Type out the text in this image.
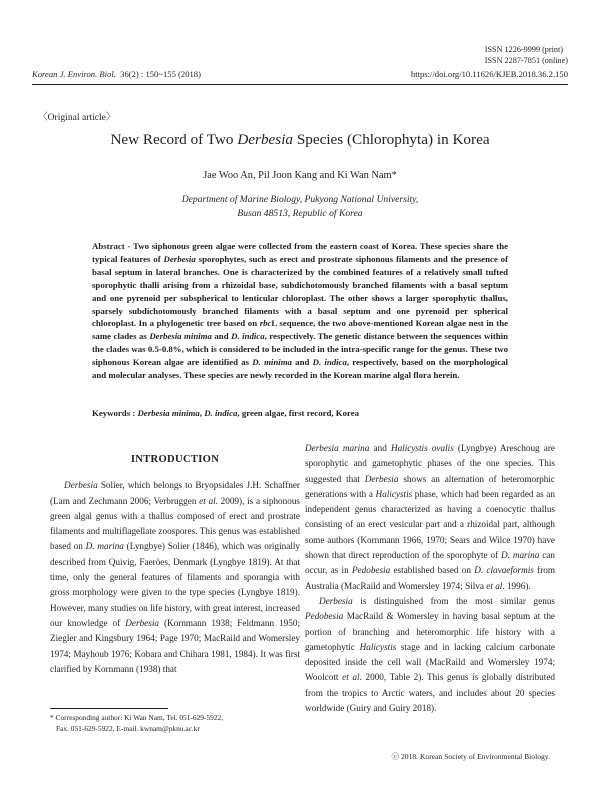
ISSN 1226-9999 (print)
ISSN 2287-7851 (online)
Korean J. Environ. Biol. 36(2) : 150~155 (2018)	https://doi.org/10.11626/KJEB.2018.36.2.150
〈Original article〉
New Record of Two Derbesia Species (Chlorophyta) in Korea
Jae Woo An, Pil Joon Kang and Ki Wan Nam*
Department of Marine Biology, Pukyong National University,
Busan 48513, Republic of Korea
Abstract - Two siphonous green algae were collected from the eastern coast of Korea. These species share the typical features of Derbesia sporophytes, such as erect and prostrate siphonous filaments and the presence of basal septum in lateral branches. One is characterized by the combined features of a relatively small tufted sporophytic thalli arising from a rhizoidal base, subdichotomously branched filaments with a basal septum and one pyrenoid per subspherical to lenticular chloroplast. The other shows a larger sporophytic thallus, sparsely subdichotomously branched filaments with a basal septum and one pyrenoid per spherical chloroplast. In a phylogenetic tree based on rbcL sequence, the two above-mentioned Korean algae nest in the same clades as Derbesia minima and D. indica, respectively. The genetic distance between the sequences within the clades was 0.5-0.8%, which is considered to be included in the intra-specific range for the genus. These two siphonous Korean algae are identified as D. minima and D. indica, respectively, based on the morphological and molecular analyses. These species are newly recorded in the Korean marine algal flora herein.
Keywords : Derbesia minima, D. indica, green algae, first record, Korea
INTRODUCTION

Derbesia Solier, which belongs to Bryopsidales J.H. Schaffner (Lam and Zechmann 2006; Verbruggen et al. 2009), is a siphonous green algal genus with a thallus composed of erect and prostrate filaments and multiflagellate zoospores. This genus was established based on D. marina (Lyngbye) Solier (1846), which was originally described from Quivig, Faeröes, Denmark (Lyngbye 1819). At that time, only the general features of filaments and sporangia with gross morphology were given to the type species (Lyngbye 1819). However, many studies on life history, with great interest, increased our knowledge of Derbesia (Kornmann 1938; Feldmann 1950; Ziegler and Kingsbury 1964; Page 1970; MacRaild and Womersley 1974; Mayhoub 1976; Kobara and Chihara 1981, 1984). It was first clarified by Kornmann (1938) that

Derbesia marina and Halicystis ovalis (Lyngbye) Areschoug are sporophytic and gametophytic phases of the one species. This suggested that Derbesia shows an alternation of heteromorphic generations with a Halicystis phase, which had been regarded as an independent genus characterized as having a coenocytic thallus consisting of an erect vesicular part and a rhizoidal part, although some authors (Kornmann 1966, 1970; Sears and Wilce 1970) have shown that direct reproduction of the sporophyte of D. marina can occur, as in Pedobesia established based on D. clavaeformis from Australia (MacRaild and Womersley 1974; Silva et al. 1996).

Derbesia is distinguished from the most similar genus Pedobesia MacRaild & Womersley in having basal septum at the portion of branching and heteromorphic life history with a gametophytic Halicystis stage and in lacking calcium carbonate deposited inside the cell wall (MacRaild and Womersley 1974; Woolcott et al. 2000, Table 2). This genus is globally distributed from the tropics to Arctic waters, and includes about 20 species worldwide (Guiry and Guiry 2018).

* Corresponding author: Ki Wan Nam, Tel. 051-629-5922,
Fax. 051-629-5922, E-mail. kwnam@pknu.ac.kr
ⓒ 2018. Korean Society of Environmental Biology.
